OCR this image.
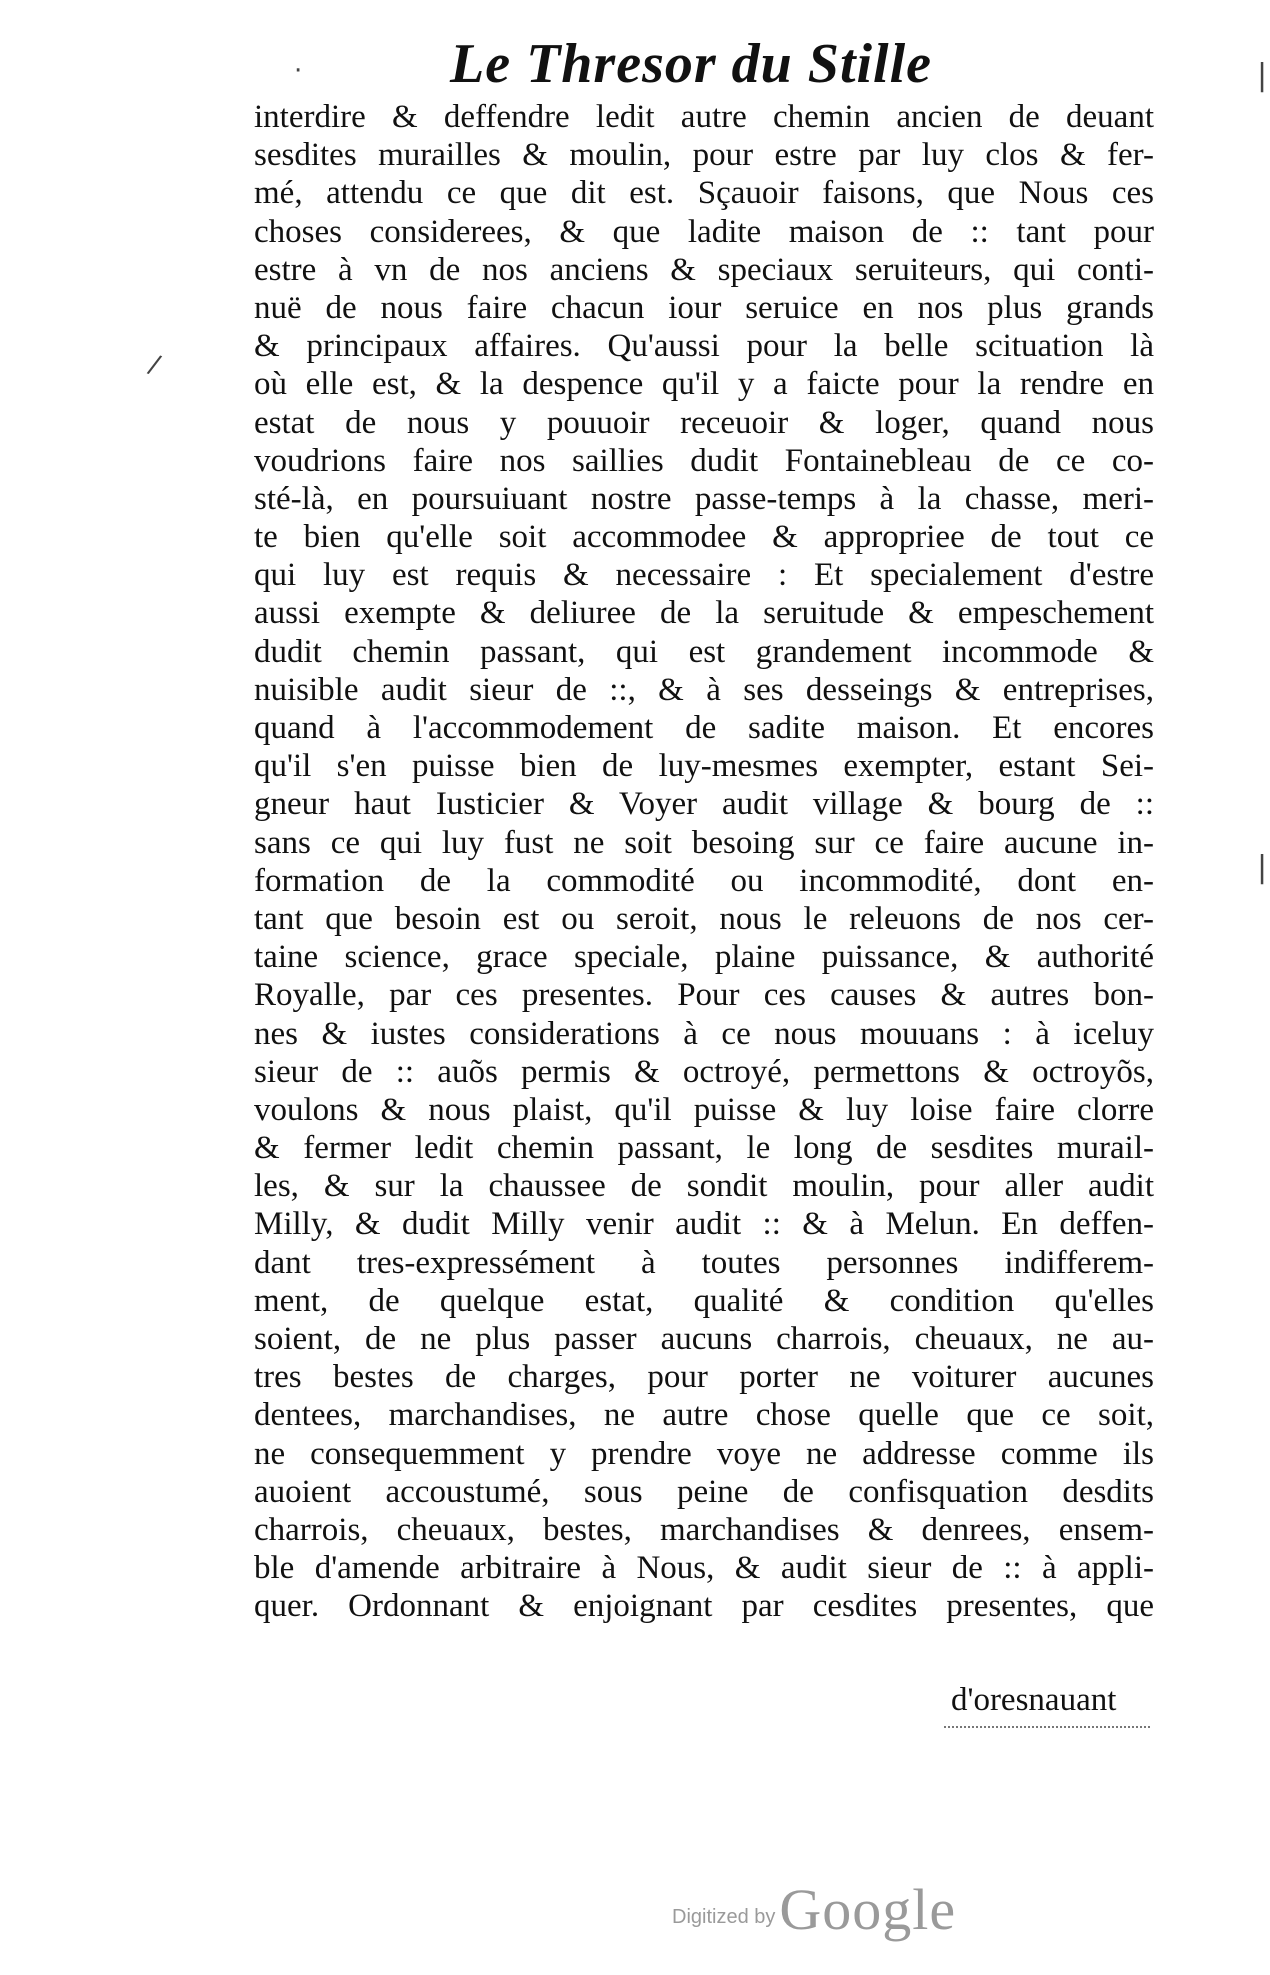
·
/
|
|
Le Thresor du Stille
interdire & deffendre ledit autre chemin ancien de deuant
sesdites murailles & moulin, pour estre par luy clos & fer-
mé, attendu ce que dit est. Sçauoir faisons, que Nous ces
choses considerees, & que ladite maison de :: tant pour
estre à vn de nos anciens & speciaux seruiteurs, qui conti-
nuë de nous faire chacun iour seruice en nos plus grands
& principaux affaires. Qu'aussi pour la belle scituation là
où elle est, & la despence qu'il y a faicte pour la rendre en
estat de nous y pouuoir receuoir & loger, quand nous
voudrions faire nos saillies dudit Fontainebleau de ce co-
sté-là, en poursuiuant nostre passe-temps à la chasse, meri-
te bien qu'elle soit accommodee & appropriee de tout ce
qui luy est requis & necessaire : Et specialement d'estre
aussi exempte & deliuree de la seruitude & empeschement
dudit chemin passant, qui est grandement incommode &
nuisible audit sieur de ::, & à ses desseings & entreprises,
quand à l'accommodement de sadite maison. Et encores
qu'il s'en puisse bien de luy-mesmes exempter, estant Sei-
gneur haut Iusticier & Voyer audit village & bourg de ::
sans ce qui luy fust ne soit besoing sur ce faire aucune in-
formation de la commodité ou incommodité, dont en-
tant que besoin est ou seroit, nous le releuons de nos cer-
taine science, grace speciale, plaine puissance, & authorité
Royalle, par ces presentes. Pour ces causes & autres bon-
nes & iustes considerations à ce nous mouuans : à iceluy
sieur de :: auõs permis & octroyé, permettons & octroyõs,
voulons & nous plaist, qu'il puisse & luy loise faire clorre
& fermer ledit chemin passant, le long de sesdites murail-
les, & sur la chaussee de sondit moulin, pour aller audit
Milly, & dudit Milly venir audit :: & à Melun. En deffen-
dant tres-expressément à toutes personnes indifferem-
ment, de quelque estat, qualité & condition qu'elles
soient, de ne plus passer aucuns charrois, cheuaux, ne au-
tres bestes de charges, pour porter ne voiturer aucunes
dentees, marchandises, ne autre chose quelle que ce soit,
ne consequemment y prendre voye ne addresse comme ils
auoient accoustumé, sous peine de confisquation desdits
charrois, cheuaux, bestes, marchandises & denrees, ensem-
ble d'amende arbitraire à Nous, & audit sieur de :: à appli-
quer. Ordonnant & enjoignant par cesdites presentes, que
d'oresnauant
Digitized by Google
